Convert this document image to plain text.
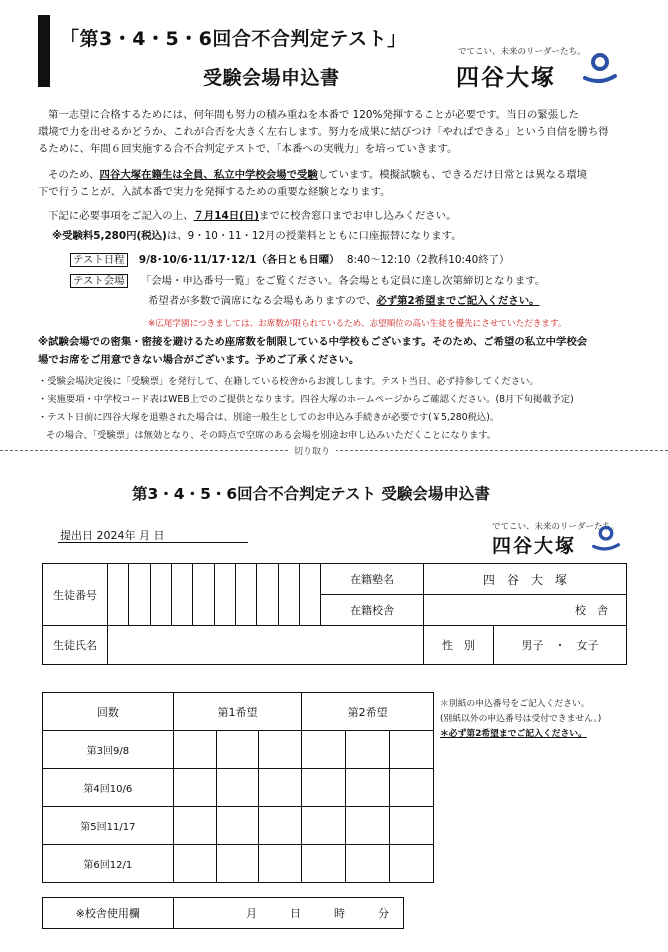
「第3・4・5・6回合不合判定テスト」
受験会場申込書
でてこい、未来のリーダーたち。
四谷大塚
第一志望に合格するためには、何年間も努力の積み重ねを本番で 120%発揮することが必要です。当日の緊張した
環境で力を出せるかどうか、これが合否を大きく左右します。努力を成果に結びつけ「やればできる」という自信を勝ち得
るために、年間６回実施する合不合判定テストで、「本番への実戦力」を培っていきます。
そのため、四谷大塚在籍生は全員、私立中学校会場で受験しています。模擬試験も、できるだけ日常とは異なる環境
下で行うことが、入試本番で実力を発揮するための重要な経験となります。
下記に必要事項をご記入の上、７月14日(日)までに校舎窓口までお申し込みください。
※受験料5,280円(税込)は、9・10・11・12月の授業料とともに口座振替になります。
テスト日程 9/8･10/6･11/17･12/1（各日とも日曜） 8:40～12:10（2教科10:40終了）
テスト会場 「会場・申込番号一覧」をご覧ください。各会場とも定員に達し次第締切となります。
希望者が多数で満席になる会場もありますので、必ず第2希望までご記入ください。
※広尾学園につきましては、お席数が限られているため、志望順位の高い生徒を優先にさせていただきます。
※試験会場での密集・密接を避けるため座席数を制限している中学校もございます。そのため、ご希望の私立中学校会
場でお席をご用意できない場合がございます。予めご了承ください。
・受験会場決定後に「受験票」を発行して、在籍している校舎からお渡しします。テスト当日、必ず持参してください。
・実施要項・中学校コード表はWEB上でのご提供となります。四谷大塚のホームページからご確認ください。(8月下旬掲載予定)
・テスト日前に四谷大塚を退塾された場合は、別途一般生としてのお申込み手続きが必要です(￥5,280税込)。
その場合、「受験票」は無効となり、その時点で空席のある会場を別途お申し込みいただくことになります。
切り取り
第3・4・5・6回合不合判定テスト 受験会場申込書
提出日 2024年 月 日
でてこい、未来のリーダーたち。
四谷大塚
生徒番号											在籍塾名	四　谷　大　塚	
											在籍校舎	校　舎	
生徒氏名												性　別	男子　・　女子
回数	第1希望			第2希望		
第3回9/8						
第4回10/6						
第5回11/17						
第6回12/1						
＊別紙の申込番号をご記入ください。
(別紙以外の申込番号は受付できません。)
＊必ず第2希望までご記入ください。
※校舎使用欄	月　　　日　　　時　　　分
